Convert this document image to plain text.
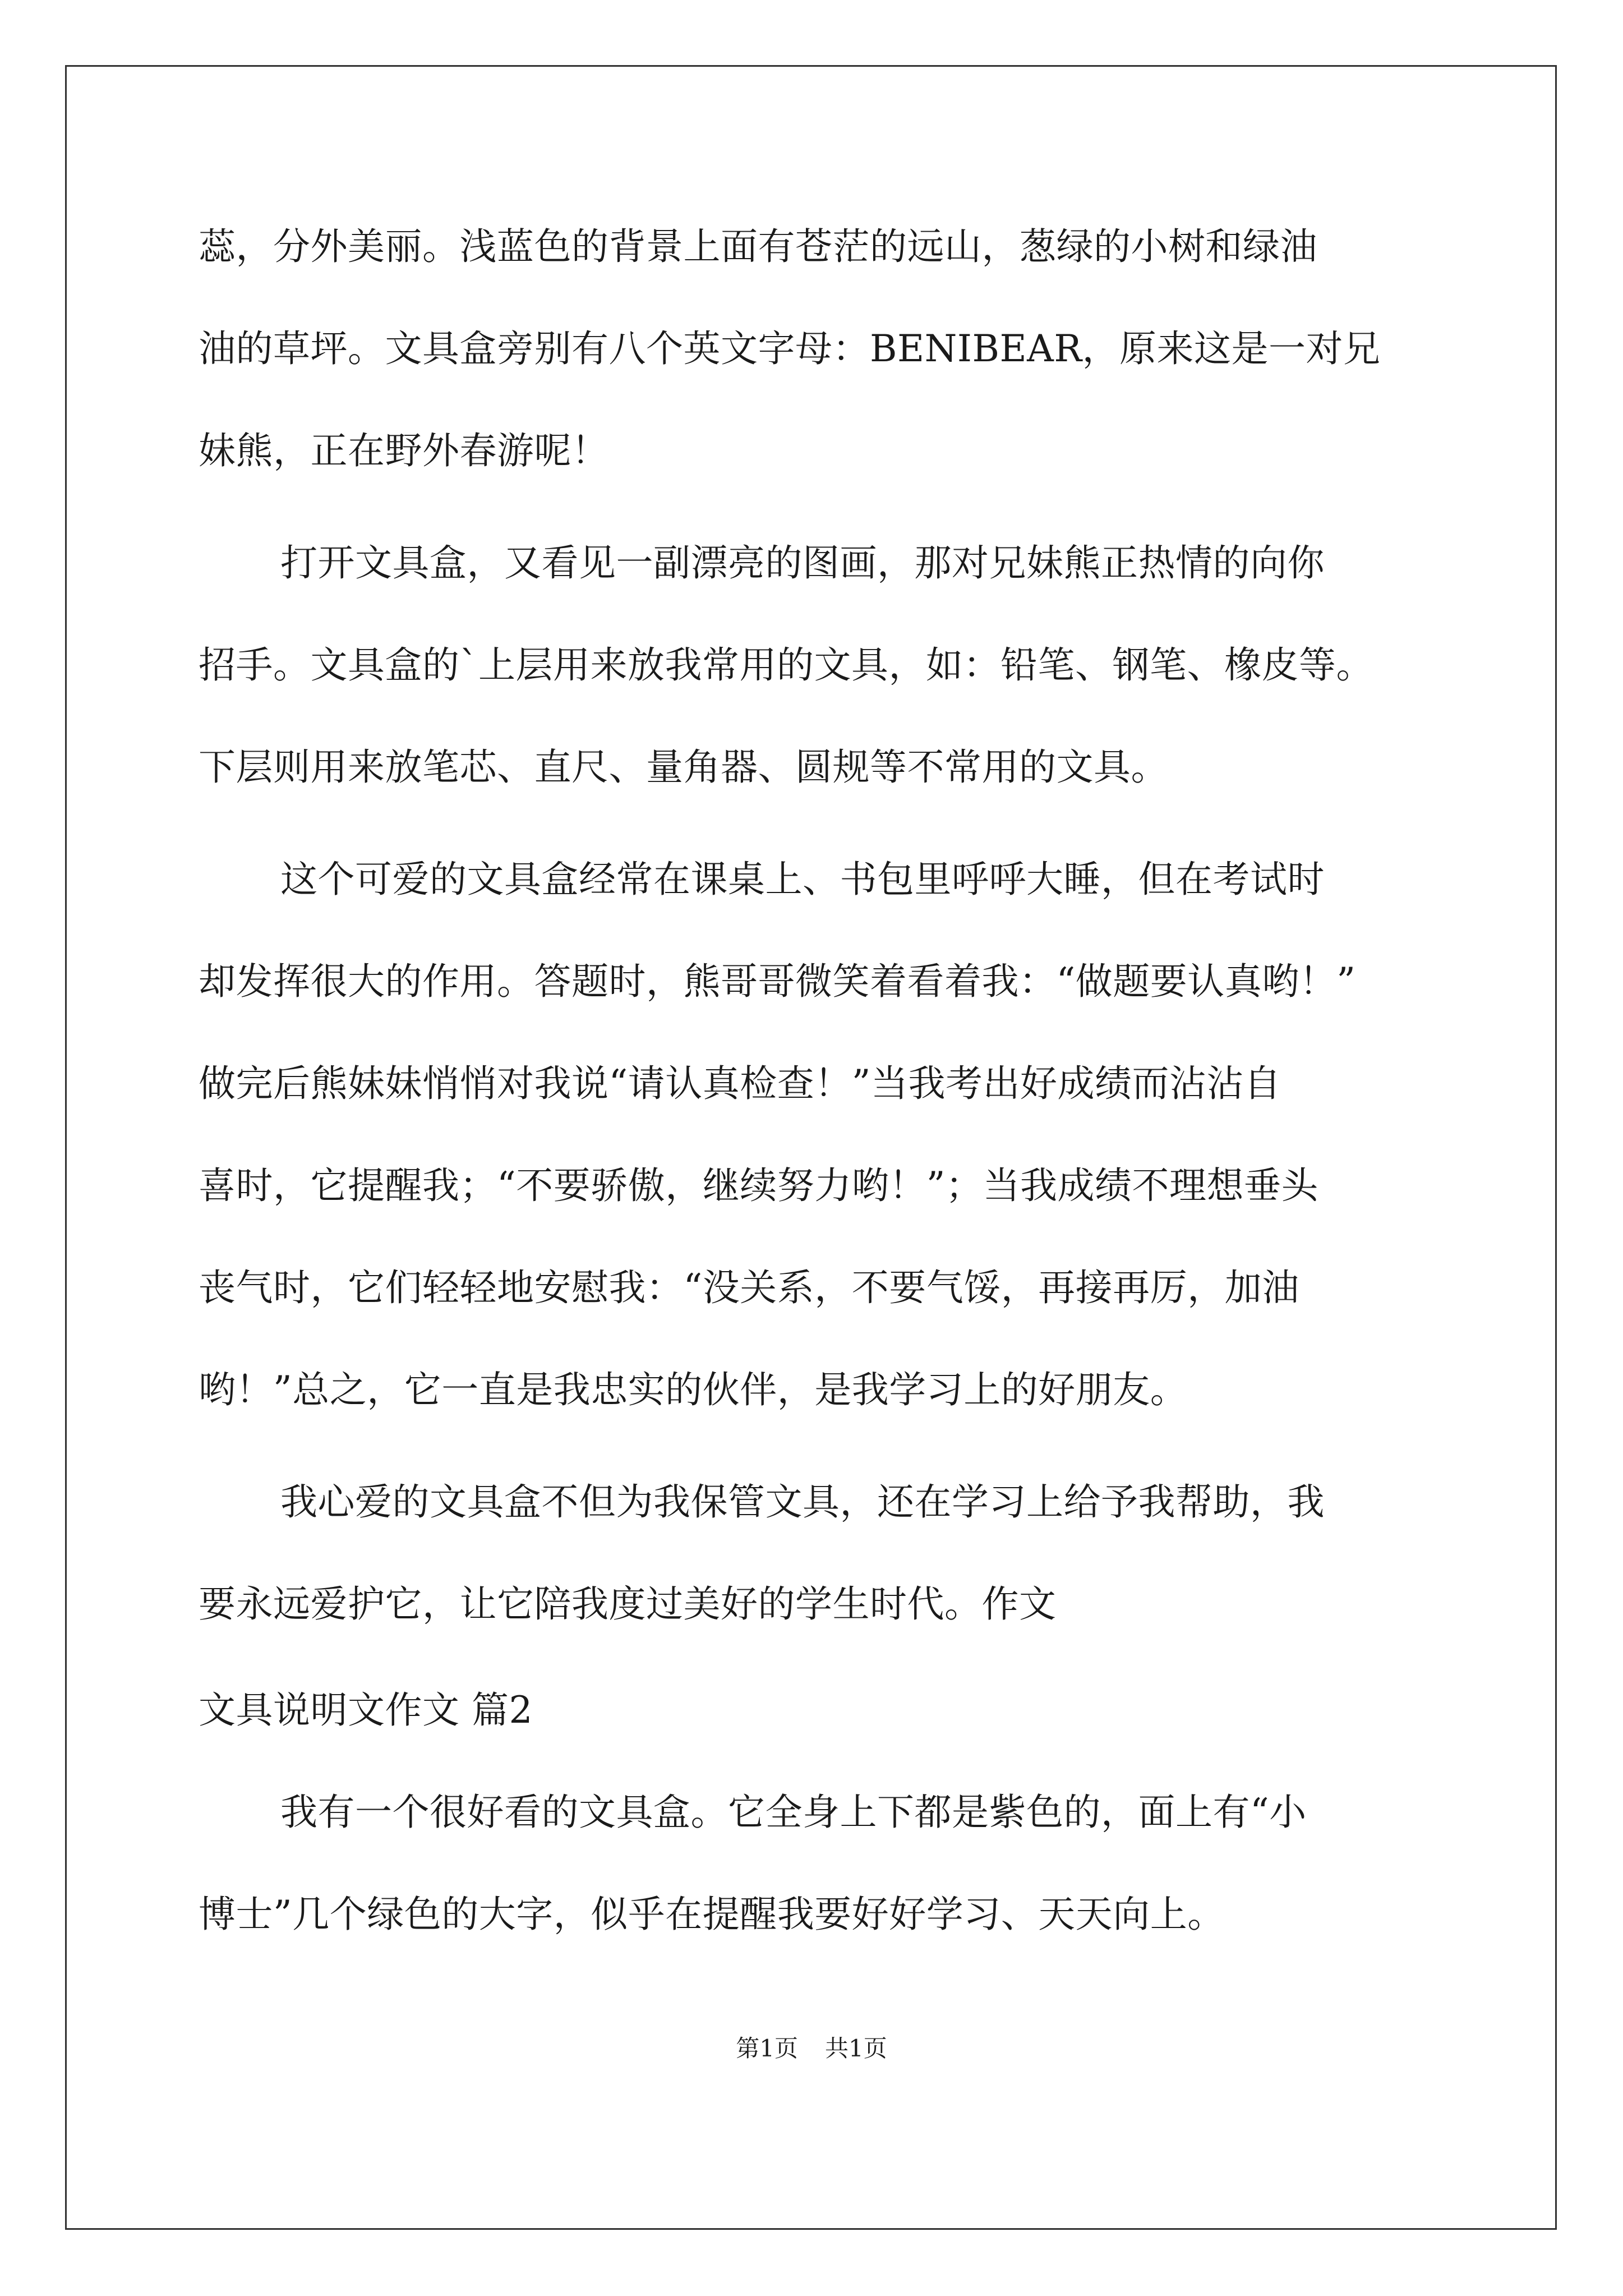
蕊，分外美丽。浅蓝色的背景上面有苍茫的远山，葱绿的小树和绿油
油的草坪。文具盒旁别有八个英文字母：BENIBEAR，原来这是一对兄
妹熊，正在野外春游呢！
打开文具盒，又看见一副漂亮的图画，那对兄妹熊正热情的向你
招手。文具盒的`上层用来放我常用的文具，如：铅笔、钢笔、橡皮等。
下层则用来放笔芯、直尺、量角器、圆规等不常用的文具。
这个可爱的文具盒经常在课桌上、书包里呼呼大睡，但在考试时
却发挥很大的作用。答题时，熊哥哥微笑着看着我：“做题要认真哟！”
做完后熊妹妹悄悄对我说“请认真检查！”当我考出好成绩而沾沾自
喜时，它提醒我；“不要骄傲，继续努力哟！”；当我成绩不理想垂头
丧气时，它们轻轻地安慰我：“没关系，不要气馁，再接再厉，加油
哟！”总之，它一直是我忠实的伙伴，是我学习上的好朋友。
我心爱的文具盒不但为我保管文具，还在学习上给予我帮助，我
要永远爱护它，让它陪我度过美好的学生时代。作文
文具说明文作文 篇2
我有一个很好看的文具盒。它全身上下都是紫色的，面上有“小
博士”几个绿色的大字，似乎在提醒我要好好学习、天天向上。
第1页 共1页
